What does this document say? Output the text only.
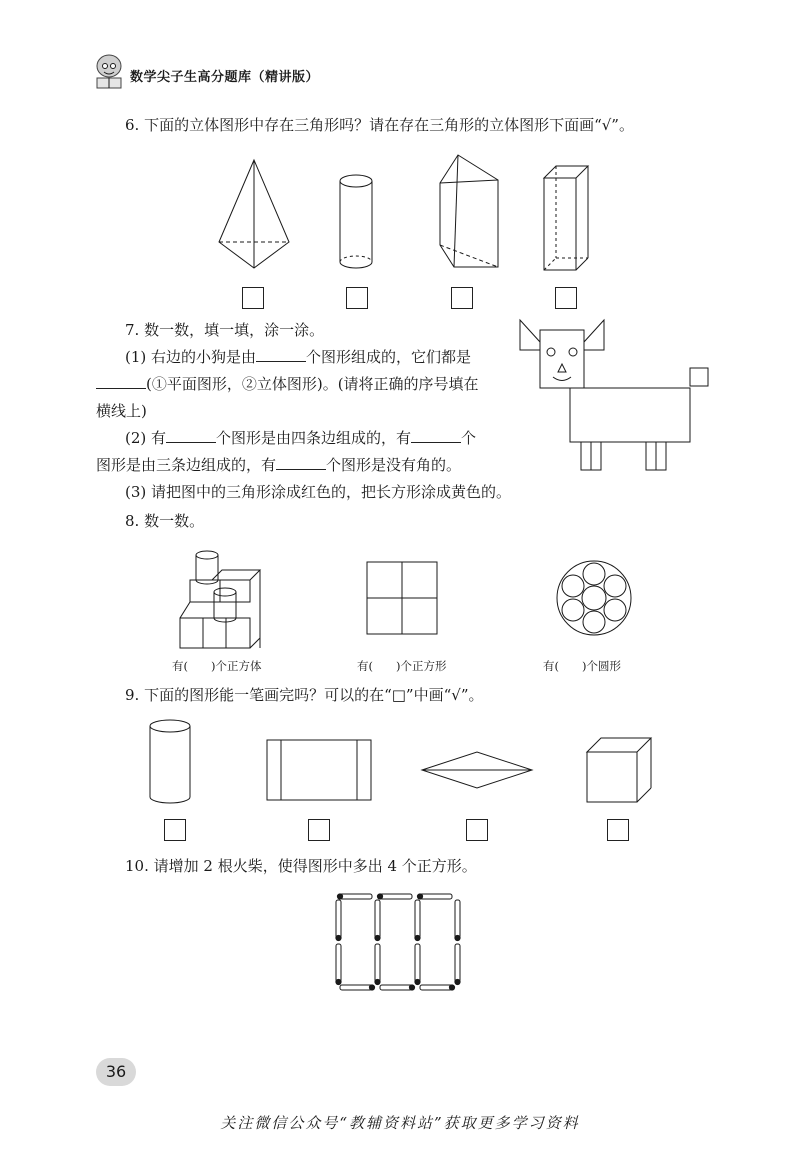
数学尖子生高分题库（精讲版）
6. 下面的立体图形中存在三角形吗？请在存在三角形的立体图形下面画“√”。
7. 数一数，填一填，涂一涂。
(1) 右边的小狗是由	个图形组成的，它们都是
(①平面图形，②立体图形)。(请将正确的序号填在
横线上)
(2) 有	个图形是由四条边组成的，有	个
图形是由三条边组成的，有	个图形是没有角的。
(3) 请把图中的三角形涂成红色的，把长方形涂成黄色的。
8. 数一数。
有(　　)个正方体	有(　　)个正方形	有(　　)个圆形
9. 下面的图形能一笔画完吗？可以的在“□”中画“√”。
10. 请增加 2 根火柴，使得图形中多出 4 个正方形。
36
关注微信公众号“教辅资料站”获取更多学习资料
